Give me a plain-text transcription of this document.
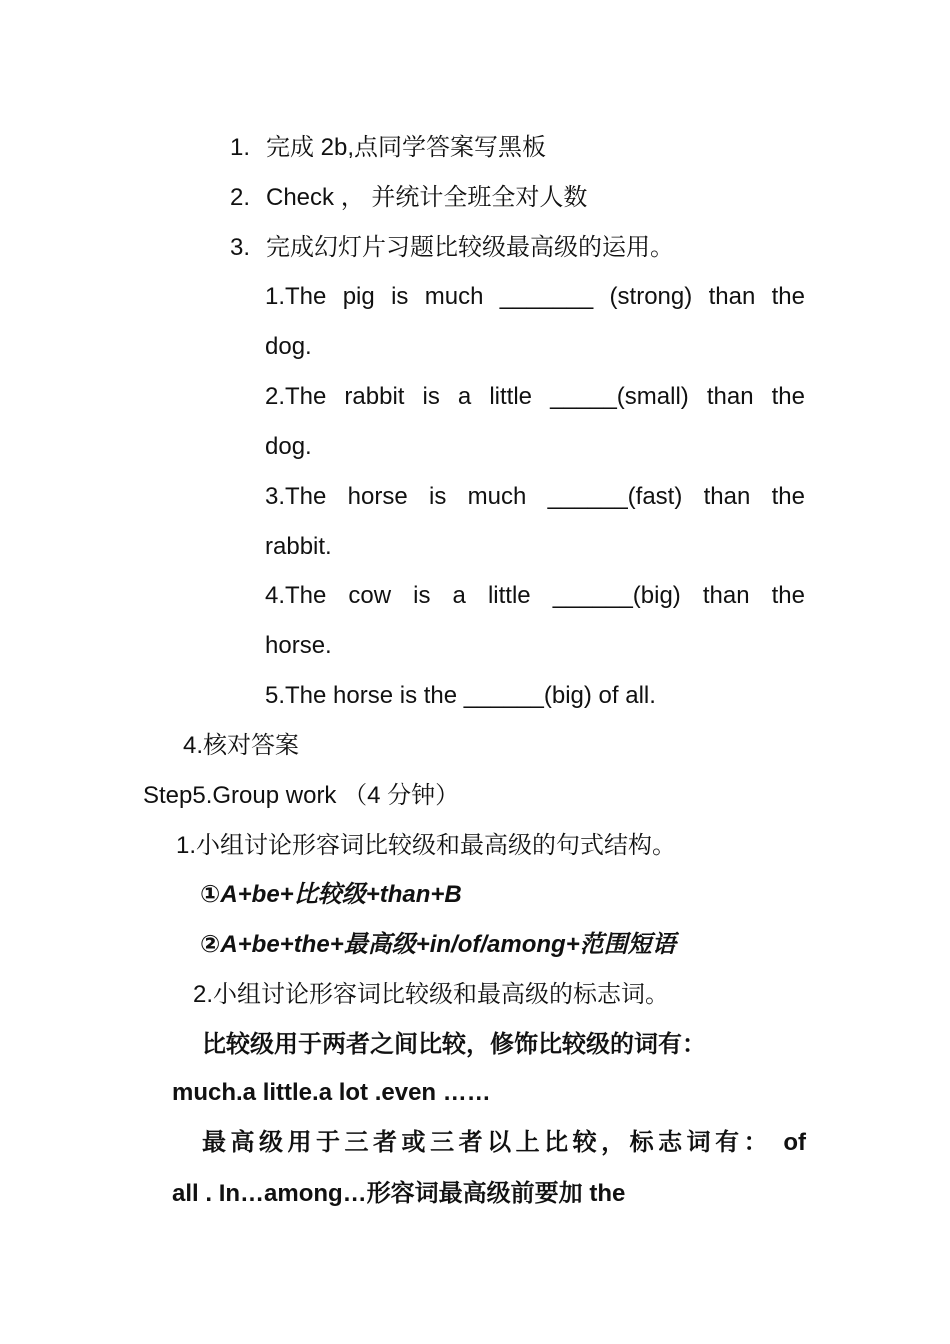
1. 完成 2b,点同学答案写黑板
2. Check ， 并统计全班全对人数
3. 完成幻灯片习题比较级最高级的运用。
1.The pig is much _______ (strong) than the
dog.
2.The rabbit is a little _____(small) than the
dog.
3.The horse is much ______(fast) than the
rabbit.
4.The cow is a little ______(big) than the
horse.
5.The horse is the ______(big) of all.
4.核对答案
Step5.Group work （4 分钟）
1.小组讨论形容词比较级和最高级的句式结构。
①A+be+比较级+than+B
②A+be+the+最高级+in/of/among+范围短语
2.小组讨论形容词比较级和最高级的标志词。
比较级用于两者之间比较，修饰比较级的词有：
much.a little.a lot .even ……
最高级用于三者或三者以上比较，标志词有： of
all . In…among…形容词最高级前要加 the
